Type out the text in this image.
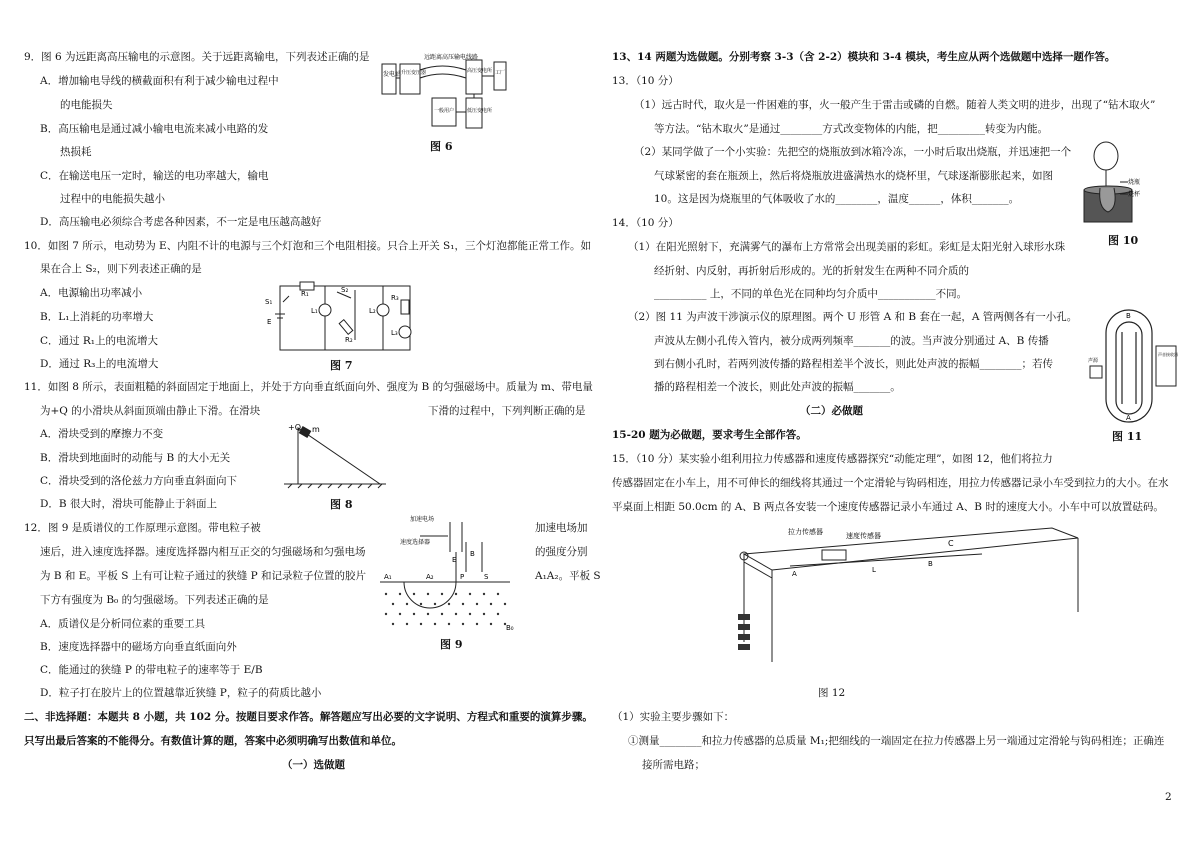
9．图 6 为远距离高压输电的示意图。关于远距离输电，下列表述正确的是
A．增加输电导线的横截面积有利于减少输电过程中
的电能损失
B．高压输电是通过减小输电电流来减小电路的发
热损耗
C．在输送电压一定时，输送的电功率越大，输电
过程中的电能损失越小
D．高压输电必须综合考虑各种因素，不一定是电压越高越好
发电站 升压变压器
远距离高压输电线路
高压变电所 工厂
一般用户	低压变电所
图 6
10．如图 7 所示，电动势为 E、内阻不计的电源与三个灯泡和三个电阻相接。只合上开关 S₁，三个灯泡都能正常工作。如
果在合上 S₂，则下列表述正确的是
A．电源输出功率减小
B．L₁上消耗的功率增大
C．通过 R₁上的电流增大
D．通过 R₃上的电流增大
S₁
R₁	S₂
L₁
R₂
L₂
R₃
L₃
E
图 7
11．如图 8 所示，表面粗糙的斜面固定于地面上，并处于方向垂直纸面向外、强度为 B 的匀强磁场中。质量为 m、带电量
为+Q 的小滑块从斜面顶端由静止下滑。在滑块	下滑的过程中，下列判断正确的是
A．滑块受到的摩擦力不变
B．滑块到地面时的动能与 B 的大小无关
C．滑块受到的洛伦兹力方向垂直斜面向下
D．B 很大时，滑块可能静止于斜面上
+Q m
图 8
12．图 9 是质谱仪的工作原理示意图。带电粒子被	加速电场加
速后，进入速度选择器。速度选择器内相互正交的匀强磁场和匀强电场	的强度分别
为 B 和 E。平板 S 上有可让粒子通过的狭缝 P 和记录粒子位置的胶片	A₁A₂。平板 S
下方有强度为 B₀ 的匀强磁场。下列表述正确的是
A．质谱仪是分析同位素的重要工具
B．速度选择器中的磁场方向垂直纸面向外
C．能通过的狭缝 P 的带电粒子的速率等于 E/B
D．粒子打在胶片上的位置越靠近狭缝 P，粒子的荷质比越小
加速电场
速度选择器
E
B
A₁	A₂	P	S
B₀
图 9
二、非选择题：本题共 8 小题，共 102 分。按题目要求作答。解答题应写出必要的文字说明、方程式和重要的演算步骤。
只写出最后答案的不能得分。有数值计算的题，答案中必须明确写出数值和单位。
（一）选做题
13、14 两题为选做题。分别考察 3-3（含 2-2）模块和 3-4 模块，考生应从两个选做题中选择一题作答。
13．（10 分）
（1）远古时代，取火是一件困难的事，火一般产生于雷击或磷的自燃。随着人类文明的进步，出现了“钻木取火”
等方法。“钻木取火”是通过________方式改变物体的内能，把_________转变为内能。
（2）某同学做了一个小实验：先把空的烧瓶放到冰箱冷冻，一小时后取出烧瓶，并迅速把一个
气球紧密的套在瓶颈上，然后将烧瓶放进盛满热水的烧杯里，气球逐渐膨胀起来，如图
10。这是因为烧瓶里的气体吸收了水的________，温度______，体积_______。
烧瓶
烧杯
图 10
14．（10 分）
（1）在阳光照射下，充满雾气的瀑布上方常常会出现美丽的彩虹。彩虹是太阳光射入球形水珠
经折射、内反射，再折射后形成的。光的折射发生在两种不同介质的
__________ 上，不同的单色光在同种均匀介质中___________不同。
（2）图 11 为声波干涉演示仪的原理图。两个 U 形管 A 和 B 套在一起，A 管两侧各有一小孔。
声波从左侧小孔传入管内，被分成两列频率_______的波。当声波分别通过 A、B 传播
到右侧小孔时，若两列波传播的路程相差半个波长，则此处声波的振幅________；若传
播的路程相差一个波长，则此处声波的振幅_______。
B
A
声源
声音接收器
图 11
（二）必做题
15-20 题为必做题，要求考生全部作答。
15．（10 分）某实验小组利用拉力传感器和速度传感器探究“动能定理”，如图 12，他们将拉力
传感器固定在小车上，用不可伸长的细线将其通过一个定滑轮与钩码相连，用拉力传感器记录小车受到拉力的大小。在水
平桌面上相距 50.0cm 的 A、B 两点各安装一个速度传感器记录小车通过 A、B 时的速度大小。小车中可以放置砝码。
拉力传感器	速度传感器
C
A	L
B
图 12
（1）实验主要步骤如下：
①测量________和拉力传感器的总质量 M₁;把细线的一端固定在拉力传感器上另一端通过定滑轮与钩码相连；正确连
接所需电路；
2
